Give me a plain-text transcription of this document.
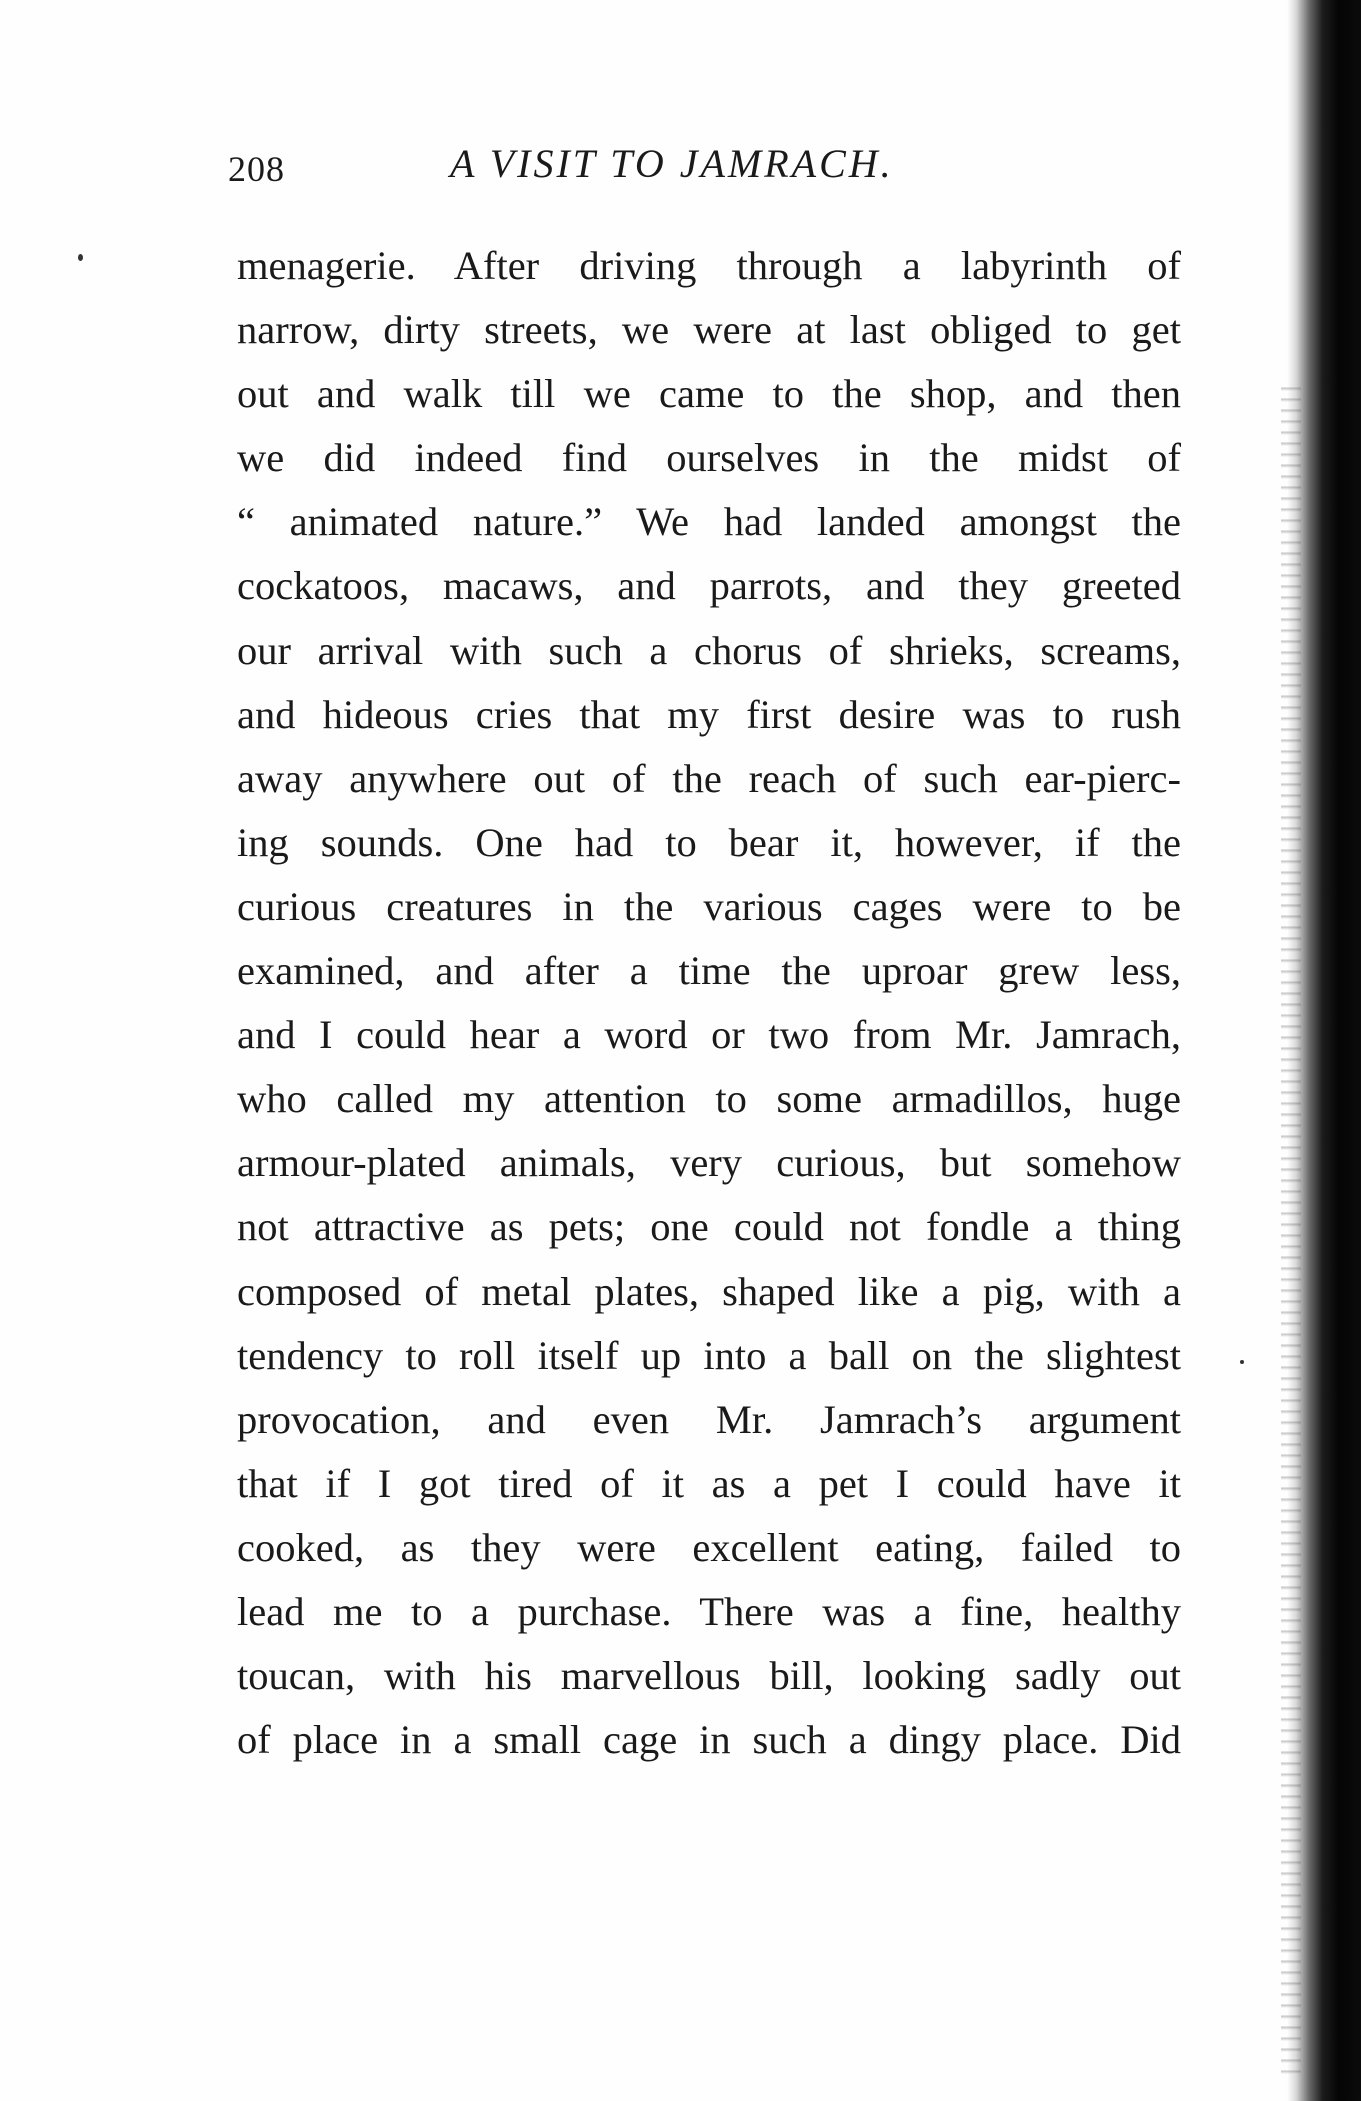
208	A VISIT TO JAMRACH.
menagerie. After driving through a labyrinth of
narrow, dirty streets, we were at last obliged to get
out and walk till we came to the shop, and then
we did indeed find ourselves in the midst of
“ animated nature.” We had landed amongst the
cockatoos, macaws, and parrots, and they greeted
our arrival with such a chorus of shrieks, screams,
and hideous cries that my first desire was to rush
away anywhere out of the reach of such ear-pierc-
ing sounds. One had to bear it, however, if the
curious creatures in the various cages were to be
examined, and after a time the uproar grew less,
and I could hear a word or two from Mr. Jamrach,
who called my attention to some armadillos, huge
armour-plated animals, very curious, but somehow
not attractive as pets; one could not fondle a thing
composed of metal plates, shaped like a pig, with a
tendency to roll itself up into a ball on the slightest
provocation, and even Mr. Jamrach’s argument
that if I got tired of it as a pet I could have it
cooked, as they were excellent eating, failed to
lead me to a purchase. There was a fine, healthy
toucan, with his marvellous bill, looking sadly out
of place in a small cage in such a dingy place. Did
